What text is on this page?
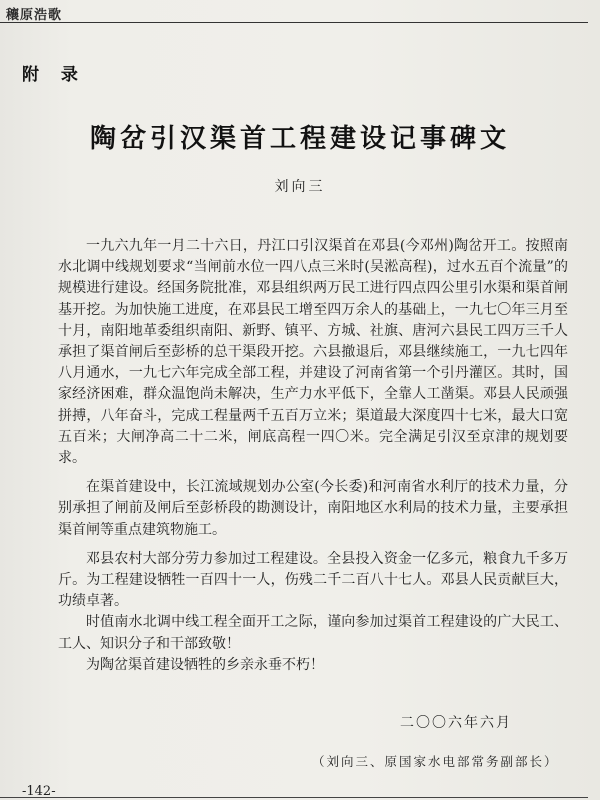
穰原浩歌
附 录
陶岔引汉渠首工程建设记事碑文
刘向三

一九六九年一月二十六日，丹江口引汉渠首在邓县(今邓州)陶岔开工。按照南水北调中线规划要求“当闸前水位一四八点三米时(吴淞高程)，过水五百个流量”的规模进行建设。经国务院批准，邓县组织两万民工进行四点四公里引水渠和渠首闸基开挖。为加快施工进度，在邓县民工增至四万余人的基础上，一九七〇年三月至十月，南阳地革委组织南阳、新野、镇平、方城、社旗、唐河六县民工四万三千人承担了渠首闸后至彭桥的总干渠段开挖。六县撤退后，邓县继续施工，一九七四年八月通水，一九七六年完成全部工程，并建设了河南省第一个引丹灌区。其时，国家经济困难，群众温饱尚未解决，生产力水平低下，全靠人工凿渠。邓县人民顽强拼搏，八年奋斗，完成工程量两千五百万立米；渠道最大深度四十七米，最大口宽五百米；大闸净高二十二米，闸底高程一四〇米。完全满足引汉至京津的规划要求。

在渠首建设中，长江流域规划办公室(今长委)和河南省水利厅的技术力量，分别承担了闸前及闸后至彭桥段的勘测设计，南阳地区水利局的技术力量，主要承担渠首闸等重点建筑物施工。

邓县农村大部分劳力参加过工程建设。全县投入资金一亿多元，粮食九千多万斤。为工程建设牺牲一百四十一人，伤残二千二百八十七人。邓县人民贡献巨大，功绩卓著。

时值南水北调中线工程全面开工之际，谨向参加过渠首工程建设的广大民工、工人、知识分子和干部致敬！

为陶岔渠首建设牺牲的乡亲永垂不朽！

二〇〇六年六月
（刘向三、原国家水电部常务副部长）
-142-
